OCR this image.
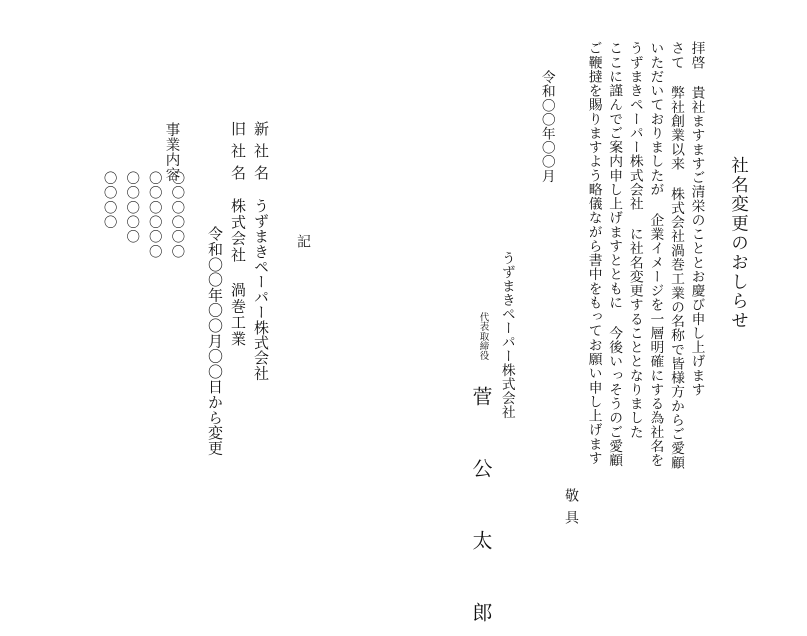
社名変更のおしらせ
拝啓 貴社ますますご清栄のこととお慶び申し上げます
さて 弊社創業以来 株式会社渦巻工業の名称で皆様方からご愛顧
いただいておりましたが 企業イメージを一層明確にする為社名を
うずまきペーパー株式会社 に社名変更することとなりました
ここに謹んでご案内申し上げますとともに 今後いっそうのご愛顧
ご鞭撻を賜りますよう略儀ながら書中をもってお願い申し上げます
敬具
令和〇〇年〇〇月
うずまきペーパー株式会社
代表取締役
菅 公 太 郎
記
新社名うずまきペーパー株式会社
旧社名株式会社 渦巻工業
令和〇〇年〇〇月〇〇日から変更
事業内容
〇〇〇〇〇〇
〇〇〇〇〇〇
〇〇〇〇〇
〇〇〇〇
